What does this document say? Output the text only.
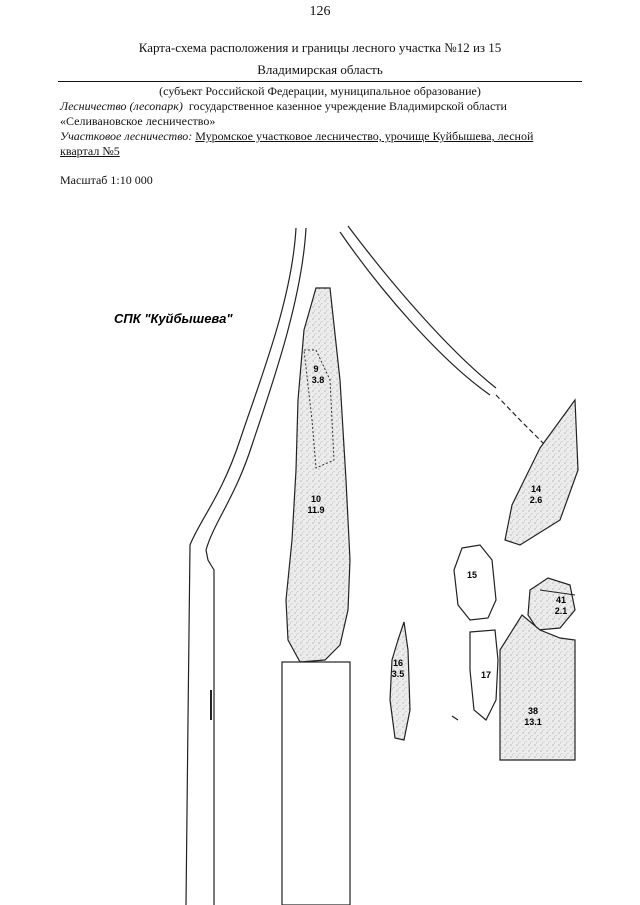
126
Карта-схема расположения и границы лесного участка №12 из 15
Владимирская область
(субъект Российской Федерации, муниципальное образование)
Лесничество (лесопарк) государственное казенное учреждение Владимирской области
«Селивановское лесничество»
Участковое лесничество: Муромское участковое лесничество, урочище Куйбышева, лесной
квартал №5
Масштаб 1:10 000
СПК "Куйбышева"
9
3.8
10
11.9
14
2.6
15
41
2.1
16
3.5	17
38
13.1
